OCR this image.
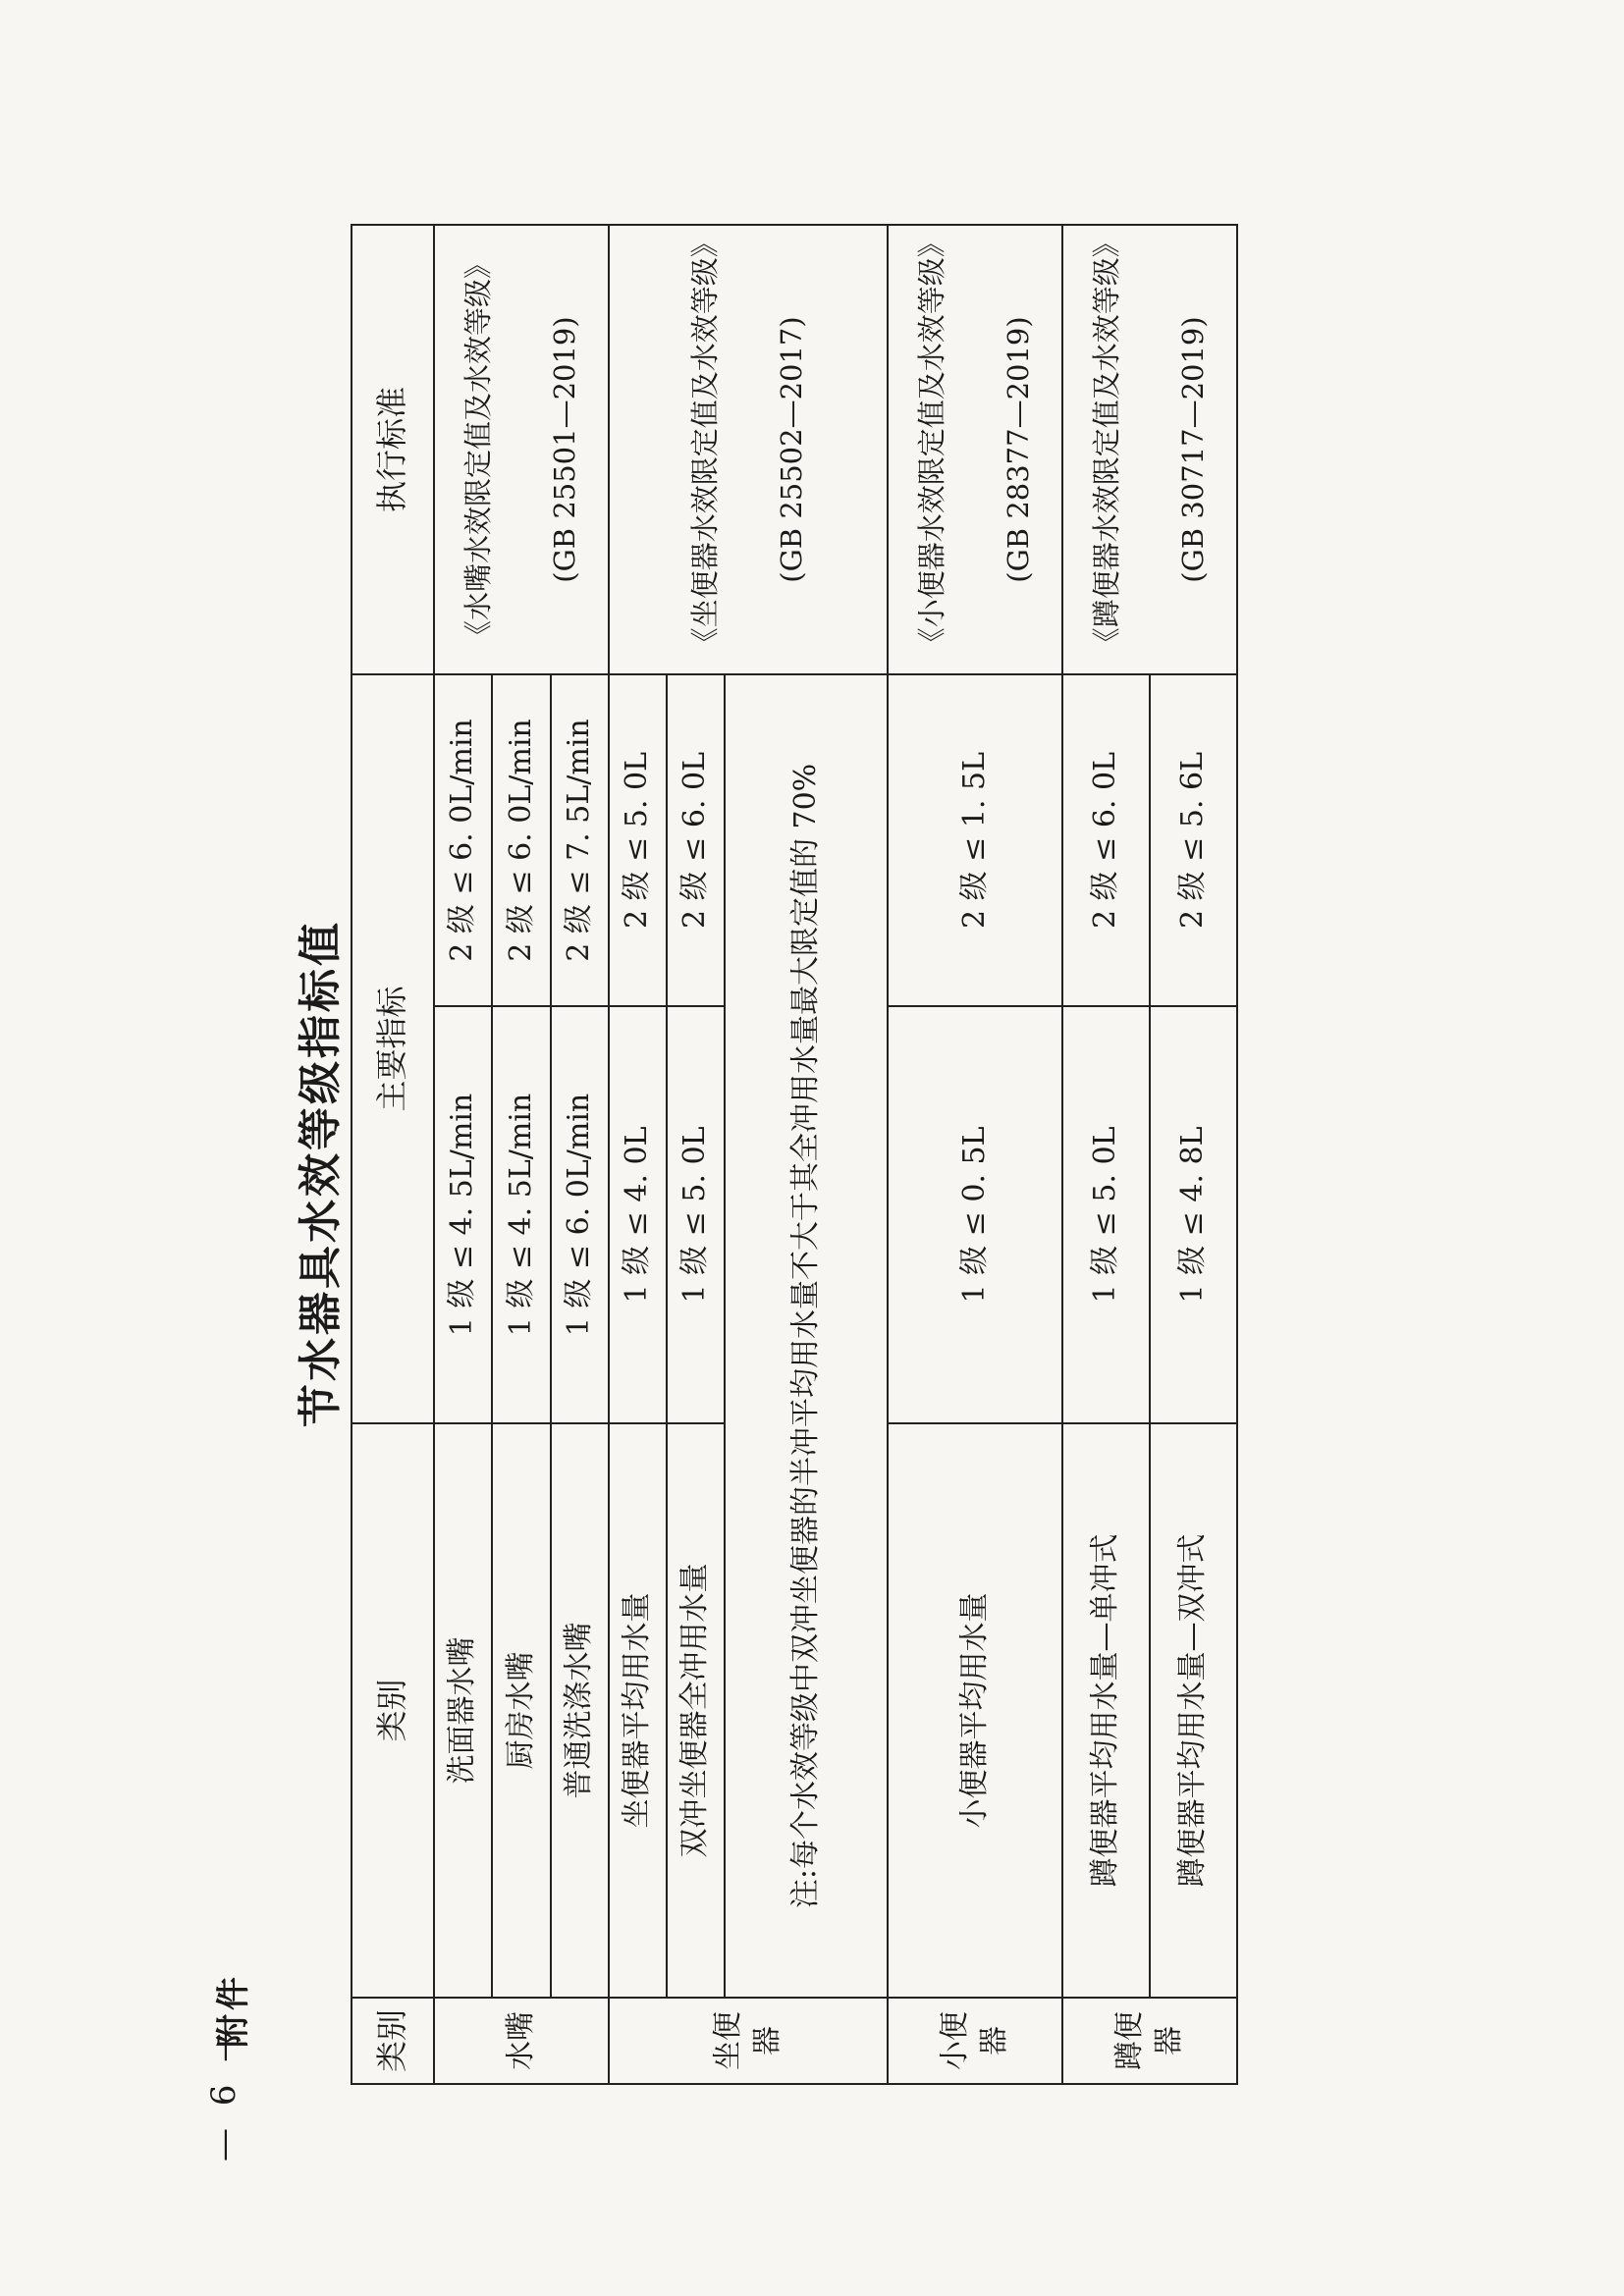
— 6 —
附件
节水器具水效等级指标值
类别	类别	主要指标		执行标准
水嘴	洗面器水嘴	1 级 ≤ 4. 5L/min	2 级 ≤ 6. 0L/min	《水嘴水效限定值及水效等级》(GB 25501—2019)
	厨房水嘴	1 级 ≤ 4. 5L/min	2 级 ≤ 6. 0L/min	
	普通洗涤水嘴	1 级 ≤ 6. 0L/min	2 级 ≤ 7. 5L/min	
坐便器	坐便器平均用水量	1 级 ≤ 4. 0L	2 级 ≤ 5. 0L	《坐便器水效限定值及水效等级》(GB 25502—2017)
	双冲坐便器全冲用水量	1 级 ≤ 5. 0L	2 级 ≤ 6. 0L	
	注:每个水效等级中双冲坐便器的半冲平均用水量不大于其全冲用水量最大限定值的 70%			
小便器	小便器平均用水量	1 级 ≤ 0. 5L	2 级 ≤ 1. 5L	《小便器水效限定值及水效等级》(GB 28377—2019)
蹲便器	蹲便器平均用水量—单冲式	1 级 ≤ 5. 0L	2 级 ≤ 6. 0L	《蹲便器水效限定值及水效等级》(GB 30717—2019)
	蹲便器平均用水量—双冲式	1 级 ≤ 4. 8L	2 级 ≤ 5. 6L	
